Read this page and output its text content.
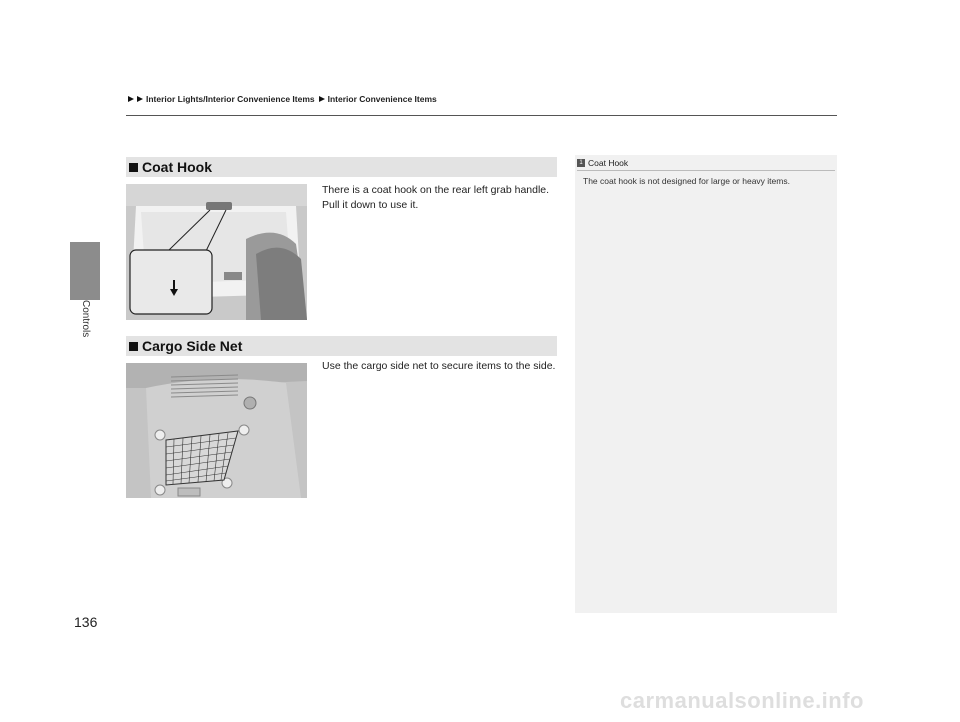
Controls
136
Interior Lights/Interior Convenience Items Interior Convenience Items
Coat Hook
There is a coat hook on the rear left grab handle. Pull it down to use it.
Cargo Side Net
Use the cargo side net to secure items to the side.
1 Coat Hook
The coat hook is not designed for large or heavy items.
carmanualsonline.info
